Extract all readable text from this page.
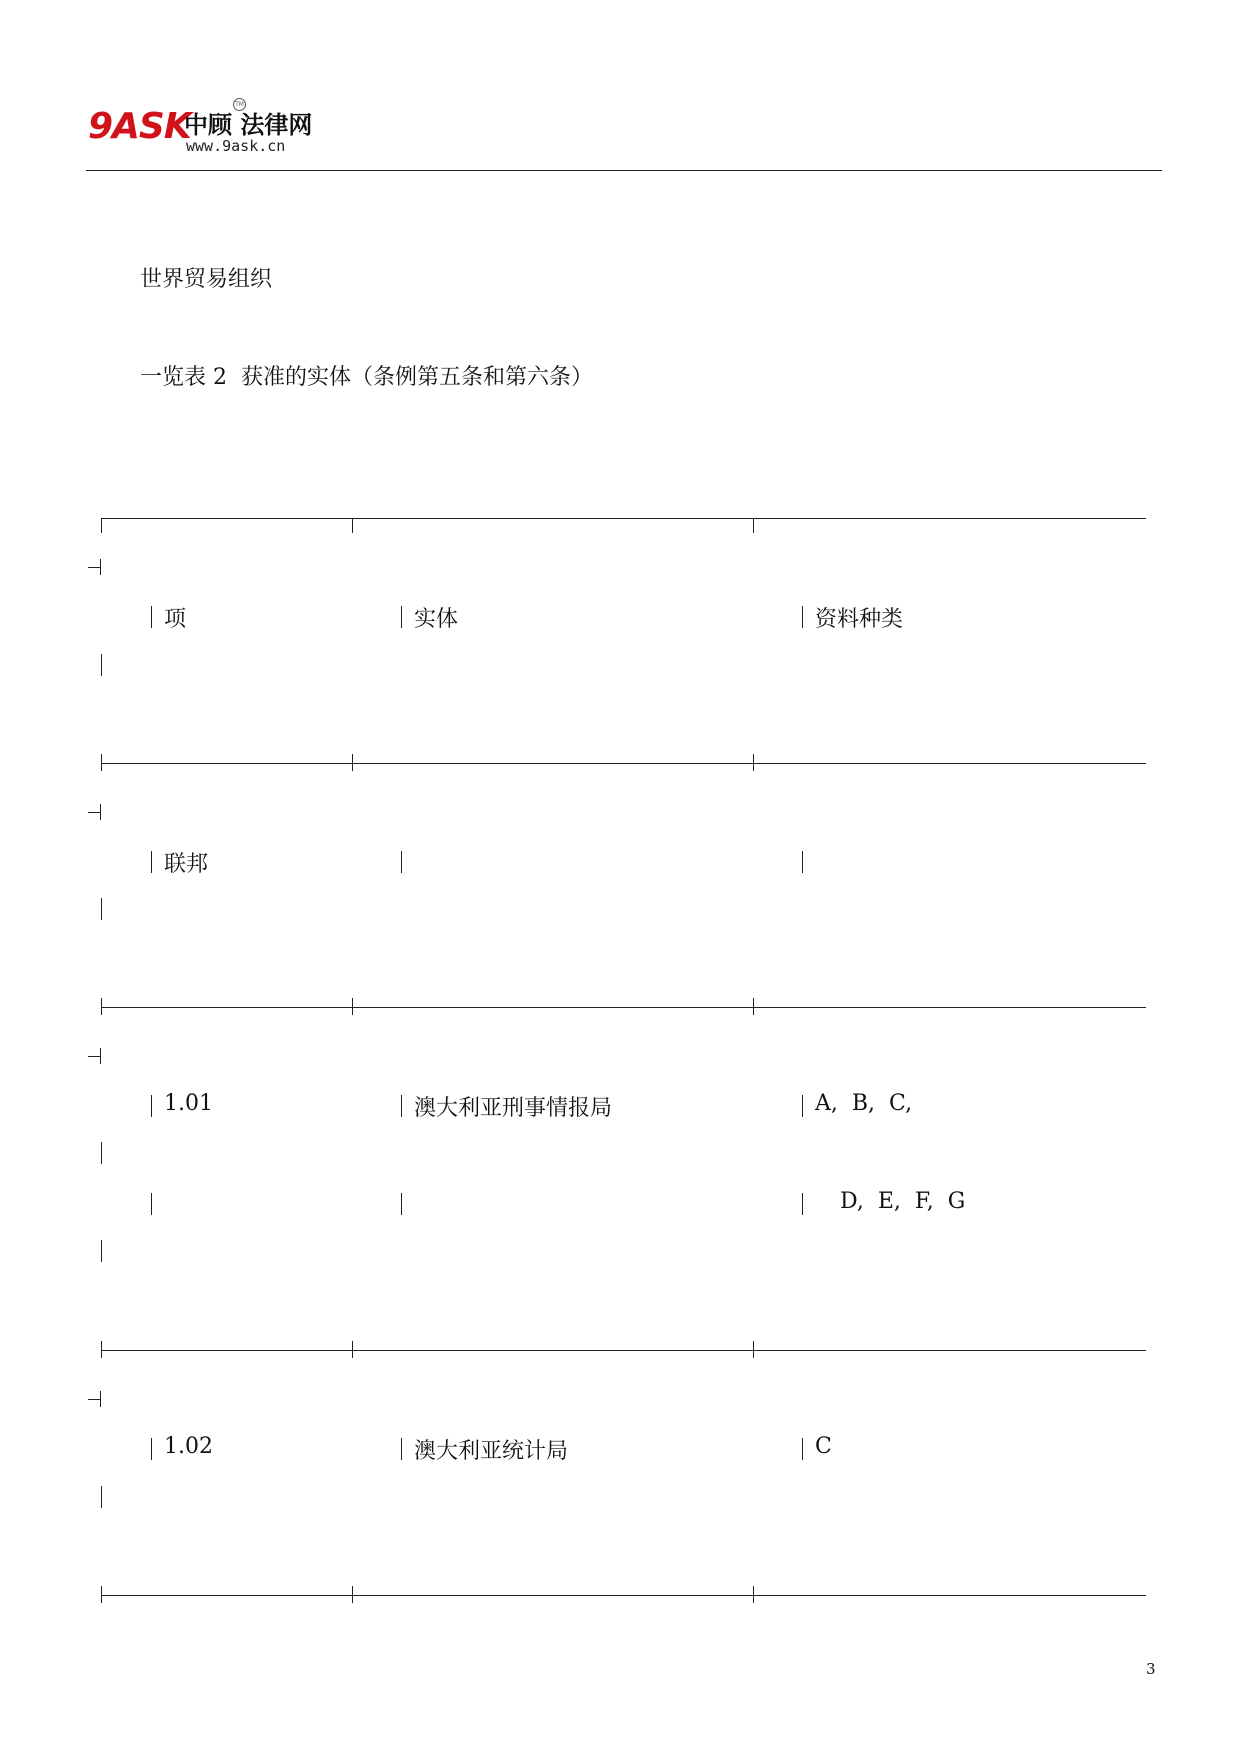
9ASK
中顾 法律网
TM
www.9ask.cn
世界贸易组织
一览表 2  获准的实体（条例第五条和第六条）
项	实体	资料种类
联邦
1.01	澳大利亚刑事情报局	A,  B,  C,
D,  E,  F,  G
1.02	澳大利亚统计局	C
3
